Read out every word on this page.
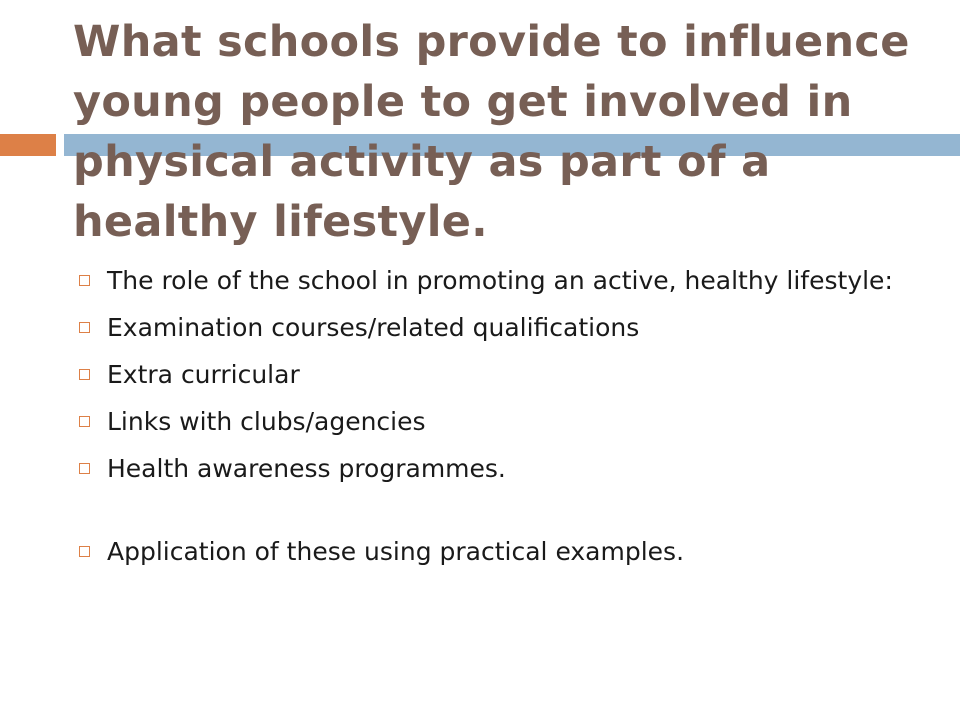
What schools provide to influence young people to get involved in physical activity as part of a healthy lifestyle.
The role of the school in promoting an active, healthy lifestyle:
Examination courses/related qualifications
Extra curricular
Links with clubs/agencies
Health awareness programmes.
Application of these using practical examples.
